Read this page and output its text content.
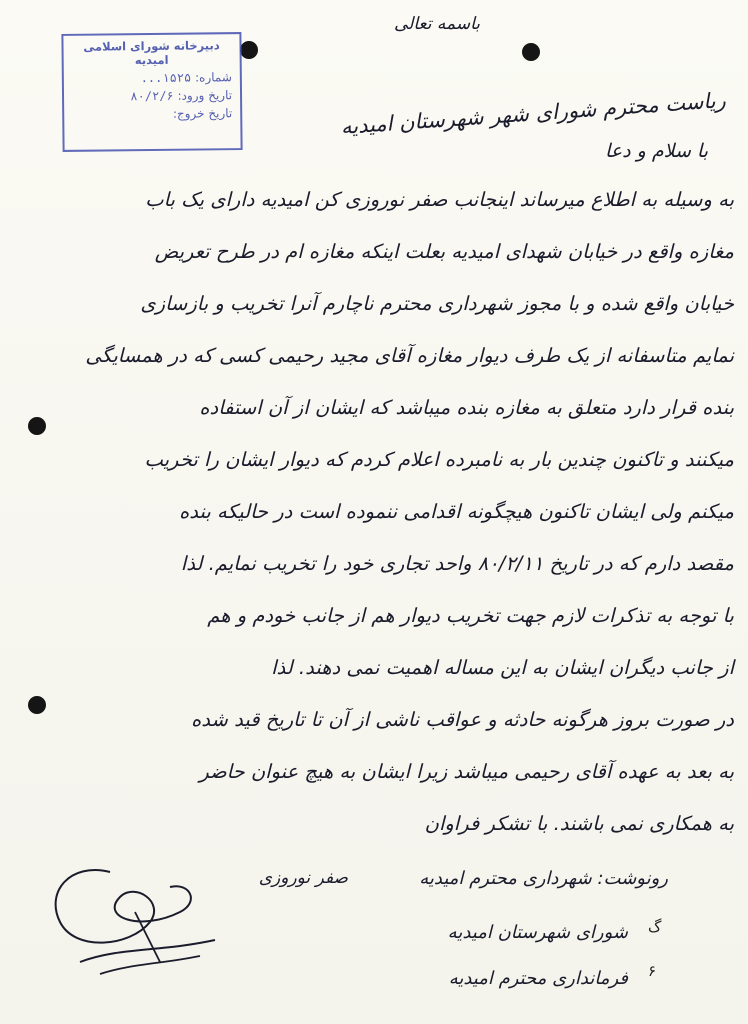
دبیرخانه شورای اسلامی امیدیه
شماره: ۱۵۲۵...
تاریخ ورود: ۸۰/۲/۶
تاریخ خروج:
باسمه تعالی
ریاست محترم شورای شهر شهرستان امیدیه
با سلام و دعا
به وسیله به اطلاع میرساند اینجانب صفر نوروزی کن امیدیه دارای یک باب
مغازه واقع در خیابان شهدای امیدیه بعلت اینکه مغازه ام در طرح تعریض
خیابان واقع شده و با مجوز شهرداری محترم ناچارم آنرا تخریب و بازسازی
نمایم متاسفانه از یک طرف دیوار مغازه آقای مجید رحیمی کسی که در همسایگی
بنده قرار دارد متعلق به مغازه بنده میباشد که ایشان از آن استفاده
میکنند و تاکنون چندین بار به نامبرده اعلام کردم که دیوار ایشان را تخریب
میکنم ولی ایشان تاکنون هیچگونه اقدامی ننموده است در حالیکه بنده
مقصد دارم که در تاریخ ۸۰/۲/۱۱ واحد تجاری خود را تخریب نمایم. لذا
با توجه به تذکرات لازم جهت تخریب دیوار هم از جانب خودم و هم
از جانب دیگران ایشان به این مساله اهمیت نمی دهند. لذا
در صورت بروز هرگونه حادثه و عواقب ناشی از آن تا تاریخ قید شده
به بعد به عهده آقای رحیمی میباشد زیرا ایشان به هیچ عنوان حاضر
به همکاری نمی باشند. با تشکر فراوان
صفر نوروزی	رونوشت: شهرداری محترم امیدیه
شورای شهرستان امیدیه
فرمانداری محترم امیدیه
گ
۶
